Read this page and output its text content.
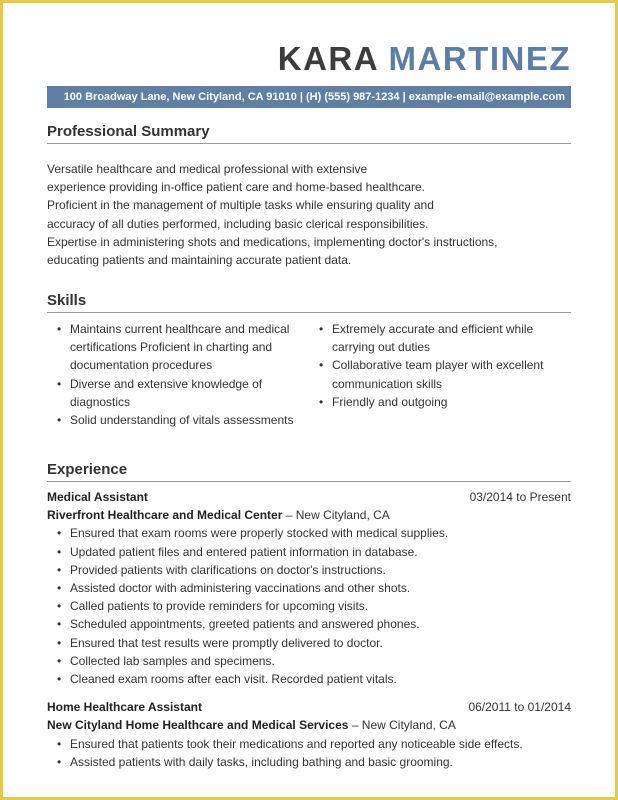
KARA MARTINEZ
100 Broadway Lane, New Cityland, CA 91010 | (H) (555) 987-1234 | example-email@example.com
Professional Summary
Versatile healthcare and medical professional with extensive
experience providing in-office patient care and home-based healthcare.
Proficient in the management of multiple tasks while ensuring quality and
accuracy of all duties performed, including basic clerical responsibilities.
Expertise in administering shots and medications, implementing doctor's instructions,
educating patients and maintaining accurate patient data.
Skills
• Maintains current healthcare and medical certifications Proficient in charting and documentation procedures
• Diverse and extensive knowledge of diagnostics
• Solid understanding of vitals assessments
• Extremely accurate and efficient while carrying out duties
• Collaborative team player with excellent communication skills
• Friendly and outgoing
Experience
Medical Assistant	03/2014 to Present
Riverfront Healthcare and Medical Center – New Cityland, CA
• Ensured that exam rooms were properly stocked with medical supplies.
• Updated patient files and entered patient information in database.
• Provided patients with clarifications on doctor's instructions.
• Assisted doctor with administering vaccinations and other shots.
• Called patients to provide reminders for upcoming visits.
• Scheduled appointments, greeted patients and answered phones.
• Ensured that test results were promptly delivered to doctor.
• Collected lab samples and specimens.
• Cleaned exam rooms after each visit. Recorded patient vitals.
Home Healthcare Assistant	06/2011 to 01/2014
New Cityland Home Healthcare and Medical Services – New Cityland, CA
• Ensured that patients took their medications and reported any noticeable side effects.
• Assisted patients with daily tasks, including bathing and basic grooming.
